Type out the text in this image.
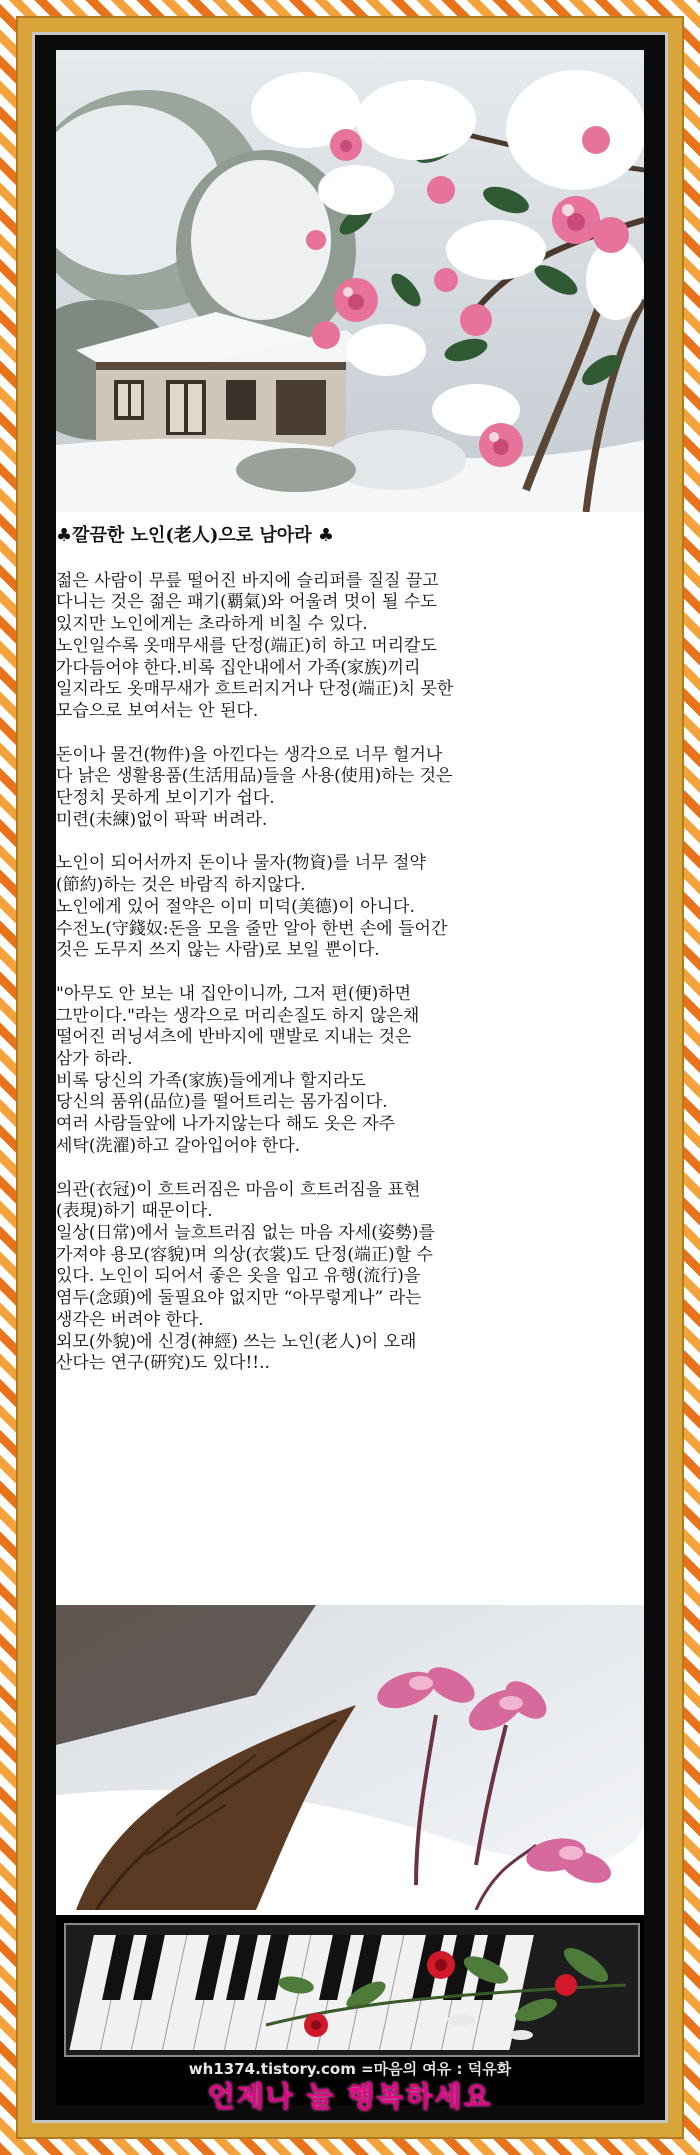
♣깔끔한 노인(老人)으로 남아라 ♣

젊은 사람이 무릎 떨어진 바지에 슬리퍼를 질질 끌고
다니는 것은 젊은 패기(覇氣)와 어울려 멋이 될 수도
있지만 노인에게는 초라하게 비칠 수 있다.
노인일수록 옷매무새를 단정(端正)히 하고 머리칼도
가다듬어야 한다.비록 집안내에서 가족(家族)끼리
일지라도 옷매무새가 흐트러지거나 단정(端正)치 못한
모습으로 보여서는 안 된다.

돈이나 물건(物件)을 아낀다는 생각으로 너무 헐거나
다 낡은 생활용품(生活用品)들을 사용(使用)하는 것은
단정치 못하게 보이기가 쉽다.
미련(未練)없이 팍팍 버려라.

노인이 되어서까지 돈이나 물자(物資)를 너무 절약
(節約)하는 것은 바람직 하지않다.
노인에게 있어 절약은 이미 미덕(美德)이 아니다.
수전노(守錢奴:돈을 모을 줄만 알아 한번 손에 들어간
것은 도무지 쓰지 않는 사람)로 보일 뿐이다.

"아무도 안 보는 내 집안이니까, 그저 편(便)하면
그만이다."라는 생각으로 머리손질도 하지 않은채
떨어진 러닝셔츠에 반바지에 맨발로 지내는 것은
삼가 하라.
비록 당신의 가족(家族)들에게나 할지라도
당신의 품위(品位)를 떨어트리는 몸가짐이다.
여러 사람들앞에 나가지않는다 해도 옷은 자주
세탁(洗濯)하고 갈아입어야 한다.

의관(衣冠)이 흐트러짐은 마음이 흐트러짐을 표현
(表現)하기 때문이다.
일상(日常)에서 늘흐트러짐 없는 마음 자세(姿勢)를
가져야 용모(容貌)며 의상(衣裳)도 단정(端正)할 수
있다. 노인이 되어서 좋은 옷을 입고 유행(流行)을
염두(念頭)에 둘필요야 없지만 “아무렇게나” 라는
생각은 버려야 한다.
외모(外貌)에 신경(神經) 쓰는 노인(老人)이 오래
산다는 연구(硏究)도 있다!!..

wh1374.tistory.com =마음의 여유 : 덕유화
언제나 늘 행복하세요
